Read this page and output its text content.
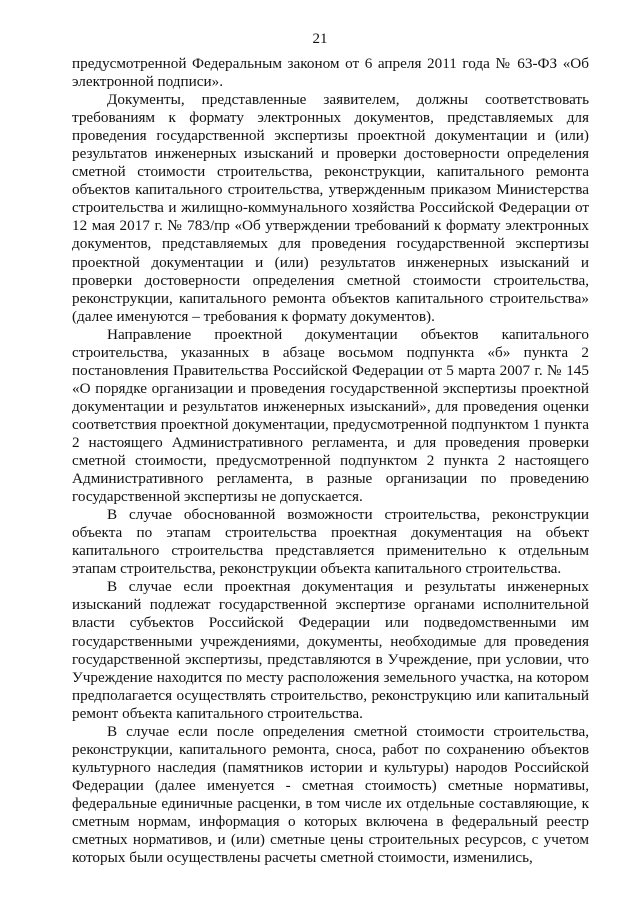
21

предусмотренной Федеральным законом от 6 апреля 2011 года № 63-ФЗ «Об электронной подписи».

Документы, представленные заявителем, должны соответствовать требованиям к формату электронных документов, представляемых для проведения государственной экспертизы проектной документации и (или) результатов инженерных изысканий и проверки достоверности определения сметной стоимости строительства, реконструкции, капитального ремонта объектов капитального строительства, утвержденным приказом Министерства строительства и жилищно-коммунального хозяйства Российской Федерации от 12 мая 2017 г. № 783/пр «Об утверждении требований к формату электронных документов, представляемых для проведения государственной экспертизы проектной документации и (или) результатов инженерных изысканий и проверки достоверности определения сметной стоимости строительства, реконструкции, капитального ремонта объектов капитального строительства» (далее именуются – требования к формату документов).

Направление проектной документации объектов капитального строительства, указанных в абзаце восьмом подпункта «б» пункта 2 постановления Правительства Российской Федерации от 5 марта 2007 г. № 145 «О порядке организации и проведения государственной экспертизы проектной документации и результатов инженерных изысканий», для проведения оценки соответствия проектной документации, предусмотренной подпунктом 1 пункта 2 настоящего Административного регламента, и для проведения проверки сметной стоимости, предусмотренной подпунктом 2 пункта 2 настоящего Административного регламента, в разные организации по проведению государственной экспертизы не допускается.

В случае обоснованной возможности строительства, реконструкции объекта по этапам строительства проектная документация на объект капитального строительства представляется применительно к отдельным этапам строительства, реконструкции объекта капитального строительства.

В случае если проектная документация и результаты инженерных изысканий подлежат государственной экспертизе органами исполнительной власти субъектов Российской Федерации или подведомственными им государственными учреждениями, документы, необходимые для проведения государственной экспертизы, представляются в Учреждение, при условии, что Учреждение находится по месту расположения земельного участка, на котором предполагается осуществлять строительство, реконструкцию или капитальный ремонт объекта капитального строительства.

В случае если после определения сметной стоимости строительства, реконструкции, капитального ремонта, сноса, работ по сохранению объектов культурного наследия (памятников истории и культуры) народов Российской Федерации (далее именуется - сметная стоимость) сметные нормативы, федеральные единичные расценки, в том числе их отдельные составляющие, к сметным нормам, информация о которых включена в федеральный реестр сметных нормативов, и (или) сметные цены строительных ресурсов, с учетом которых были осуществлены расчеты сметной стоимости, изменились,
